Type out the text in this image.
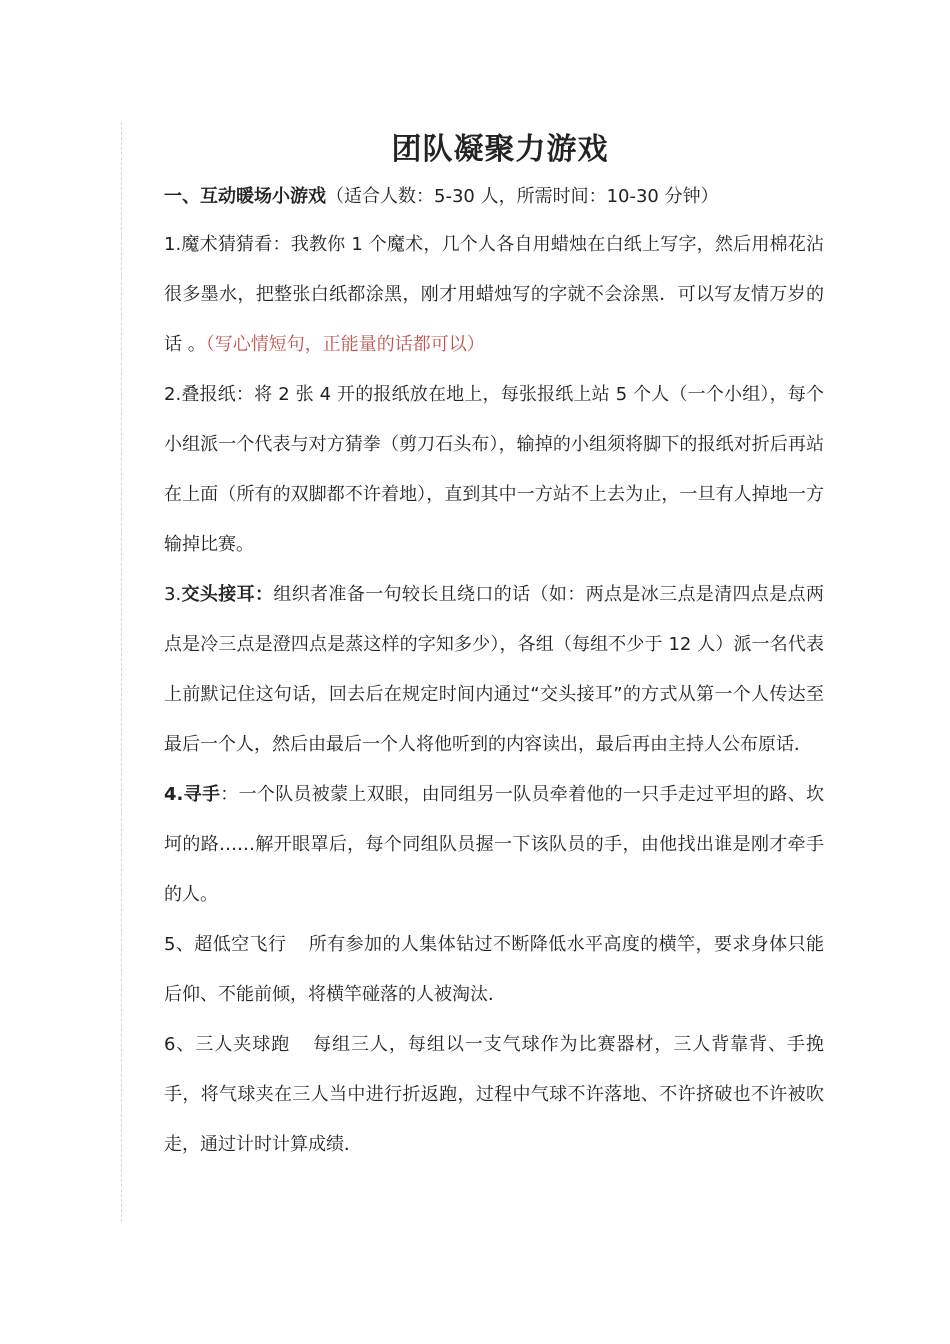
团队凝聚力游戏
一、互动暖场小游戏（适合人数：5-30 人，所需时间：10-30 分钟）

1.魔术猜猜看：我教你 1 个魔术，几个人各自用蜡烛在白纸上写字，然后用棉花沾很多墨水，把整张白纸都涂黑，刚才用蜡烛写的字就不会涂黑．可以写友情万岁的话 。（写心情短句，正能量的话都可以）

2.叠报纸：将 2 张 4 开的报纸放在地上，每张报纸上站 5 个人（一个小组），每个小组派一个代表与对方猜拳（剪刀石头布），输掉的小组须将脚下的报纸对折后再站在上面（所有的双脚都不许着地），直到其中一方站不上去为止，一旦有人掉地一方输掉比赛。

3.交头接耳：组织者准备一句较长且绕口的话（如：两点是冰三点是清四点是点两点是冷三点是澄四点是蒸这样的字知多少），各组（每组不少于 12 人）派一名代表上前默记住这句话，回去后在规定时间内通过“交头接耳”的方式从第一个人传达至最后一个人，然后由最后一个人将他听到的内容读出，最后再由主持人公布原话．

4.寻手：一个队员被蒙上双眼，由同组另一队员牵着他的一只手走过平坦的路、坎坷的路……解开眼罩后，每个同组队员握一下该队员的手，由他找出谁是刚才牵手的人。

5、超低空飞行 所有参加的人集体钻过不断降低水平高度的横竿，要求身体只能后仰、不能前倾，将横竿碰落的人被淘汰．

6、三人夹球跑 每组三人，每组以一支气球作为比赛器材，三人背靠背、手挽手，将气球夹在三人当中进行折返跑，过程中气球不许落地、不许挤破也不许被吹走，通过计时计算成绩．
